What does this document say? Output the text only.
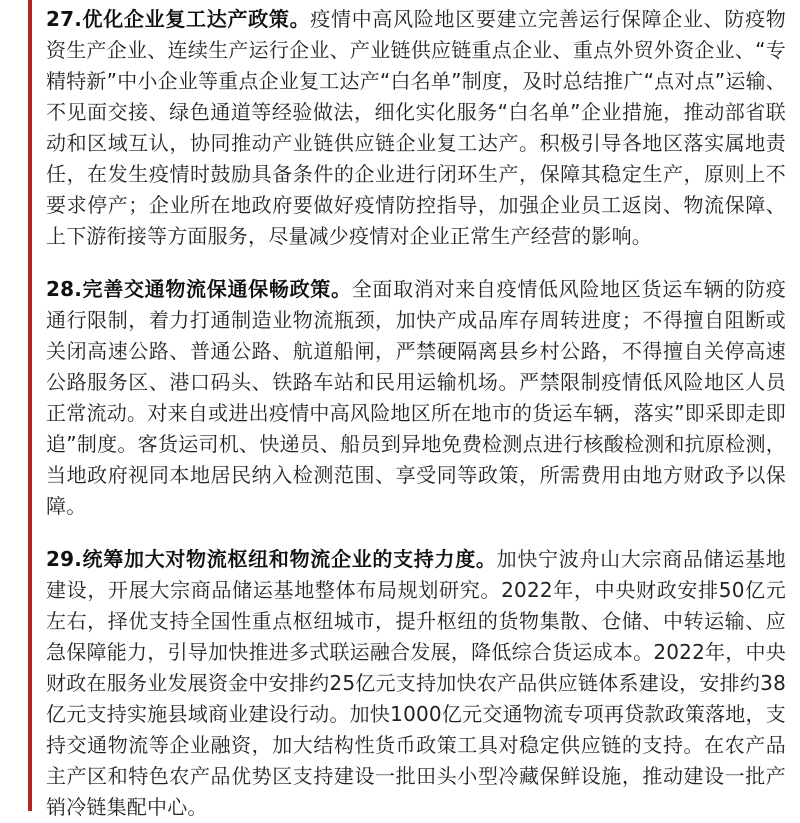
27.优化企业复工达产政策。疫情中高风险地区要建立完善运行保障企业、防疫物资生产企业、连续生产运行企业、产业链供应链重点企业、重点外贸外资企业、“专精特新”中小企业等重点企业复工达产“白名单”制度，及时总结推广“点对点”运输、不见面交接、绿色通道等经验做法，细化实化服务“白名单”企业措施，推动部省联动和区域互认，协同推动产业链供应链企业复工达产。积极引导各地区落实属地责任，在发生疫情时鼓励具备条件的企业进行闭环生产，保障其稳定生产，原则上不要求停产；企业所在地政府要做好疫情防控指导，加强企业员工返岗、物流保障、上下游衔接等方面服务，尽量减少疫情对企业正常生产经营的影响。

28.完善交通物流保通保畅政策。全面取消对来自疫情低风险地区货运车辆的防疫通行限制，着力打通制造业物流瓶颈，加快产成品库存周转进度；不得擅自阻断或关闭高速公路、普通公路、航道船闸，严禁硬隔离县乡村公路，不得擅自关停高速公路服务区、港口码头、铁路车站和民用运输机场。严禁限制疫情低风险地区人员正常流动。对来自或进出疫情中高风险地区所在地市的货运车辆，落实”即采即走即追”制度。客货运司机、快递员、船员到异地免费检测点进行核酸检测和抗原检测，当地政府视同本地居民纳入检测范围、享受同等政策，所需费用由地方财政予以保障。

29.统筹加大对物流枢纽和物流企业的支持力度。加快宁波舟山大宗商品储运基地建设，开展大宗商品储运基地整体布局规划研究。2022年，中央财政安排50亿元左右，择优支持全国性重点枢纽城市，提升枢纽的货物集散、仓储、中转运输、应急保障能力，引导加快推进多式联运融合发展，降低综合货运成本。2022年，中央财政在服务业发展资金中安排约25亿元支持加快农产品供应链体系建设，安排约38亿元支持实施县域商业建设行动。加快1000亿元交通物流专项再贷款政策落地，支持交通物流等企业融资，加大结构性货币政策工具对稳定供应链的支持。在农产品主产区和特色农产品优势区支持建设一批田头小型冷藏保鲜设施，推动建设一批产销冷链集配中心。
